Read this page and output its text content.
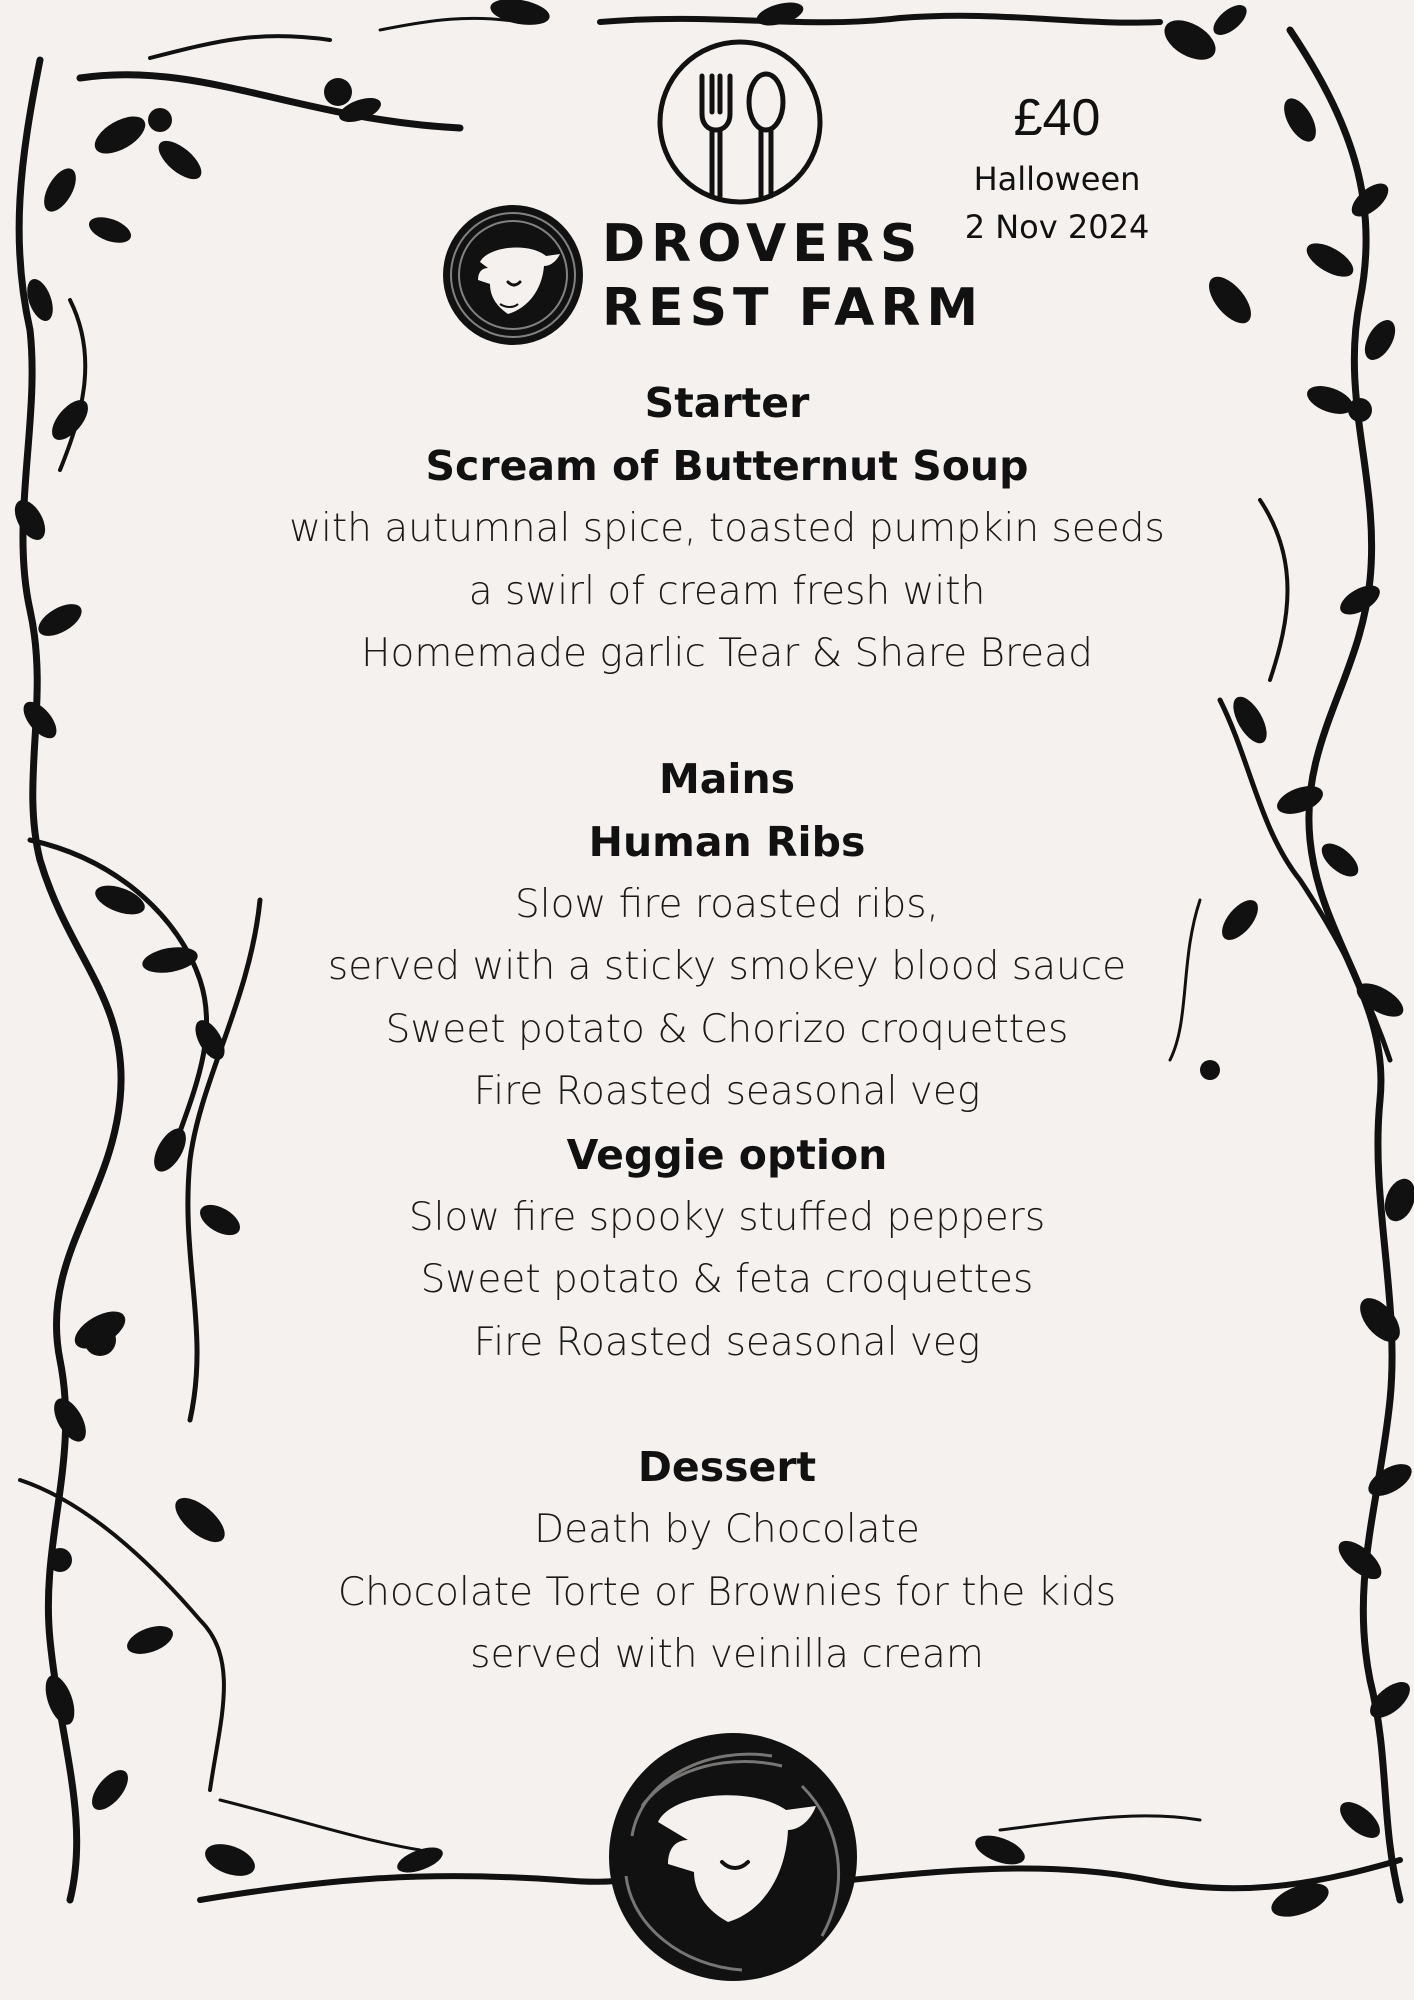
DROVERS
REST FARM
£40
Halloween
2 Nov 2024
Starter
Scream of Butternut Soup
with autumnal spice, toasted pumpkin seeds
a swirl of cream fresh with
Homemade garlic Tear & Share Bread
Mains
Human Ribs
Slow fire roasted ribs,
served with a sticky smokey blood sauce
Sweet potato & Chorizo croquettes
Fire Roasted seasonal veg
Veggie option
Slow fire spooky stuffed peppers
Sweet potato & feta croquettes
Fire Roasted seasonal veg
Dessert
Death by Chocolate
Chocolate Torte or Brownies for the kids
served with veinilla cream
